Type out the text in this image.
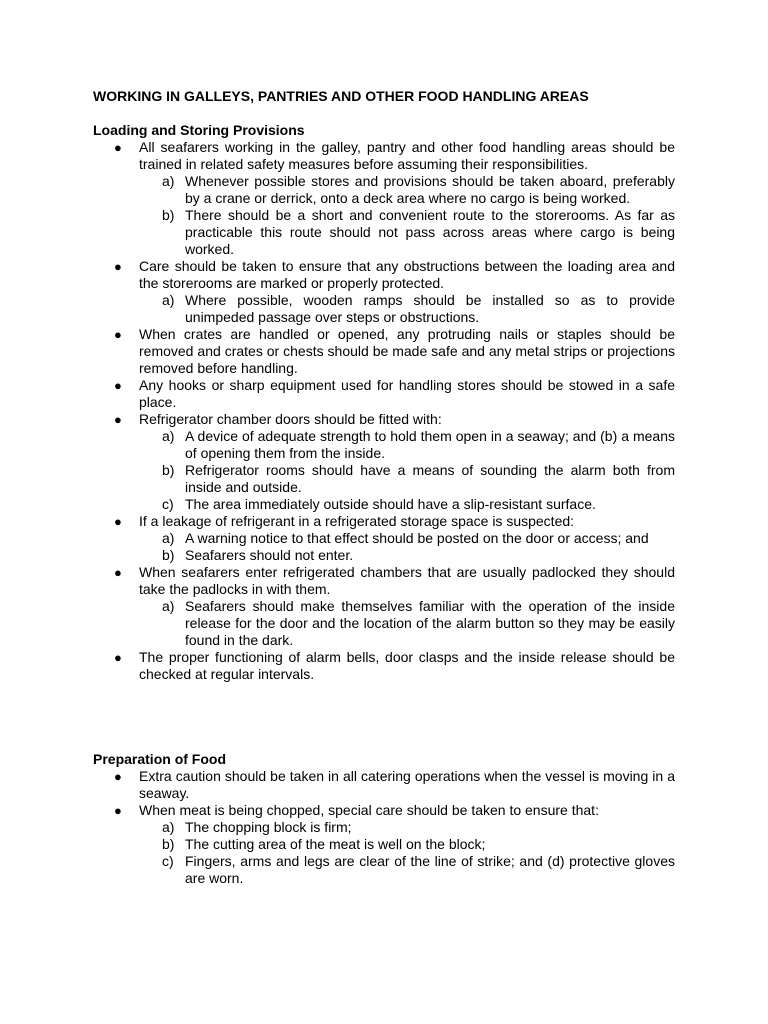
WORKING IN GALLEYS, PANTRIES AND OTHER FOOD HANDLING AREAS
Loading and Storing Provisions
● All seafarers working in the galley, pantry and other food handling areas should be trained in related safety measures before assuming their responsibilities.
a) Whenever possible stores and provisions should be taken aboard, preferably by a crane or derrick, onto a deck area where no cargo is being worked.
b) There should be a short and convenient route to the storerooms. As far as practicable this route should not pass across areas where cargo is being worked.
● Care should be taken to ensure that any obstructions between the loading area and the storerooms are marked or properly protected.
a) Where possible, wooden ramps should be installed so as to provide unimpeded passage over steps or obstructions.
● When crates are handled or opened, any protruding nails or staples should be removed and crates or chests should be made safe and any metal strips or projections removed before handling.
● Any hooks or sharp equipment used for handling stores should be stowed in a safe place.
● Refrigerator chamber doors should be fitted with:
a) A device of adequate strength to hold them open in a seaway; and (b) a means of opening them from the inside.
b) Refrigerator rooms should have a means of sounding the alarm both from inside and outside.
c) The area immediately outside should have a slip-resistant surface.
● If a leakage of refrigerant in a refrigerated storage space is suspected:
a) A warning notice to that effect should be posted on the door or access; and
b) Seafarers should not enter.
● When seafarers enter refrigerated chambers that are usually padlocked they should take the padlocks in with them.
a) Seafarers should make themselves familiar with the operation of the inside release for the door and the location of the alarm button so they may be easily found in the dark.
● The proper functioning of alarm bells, door clasps and the inside release should be checked at regular intervals.
Preparation of Food
● Extra caution should be taken in all catering operations when the vessel is moving in a seaway.
● When meat is being chopped, special care should be taken to ensure that:
a) The chopping block is firm;
b) The cutting area of the meat is well on the block;
c) Fingers, arms and legs are clear of the line of strike; and (d) protective gloves are worn.
